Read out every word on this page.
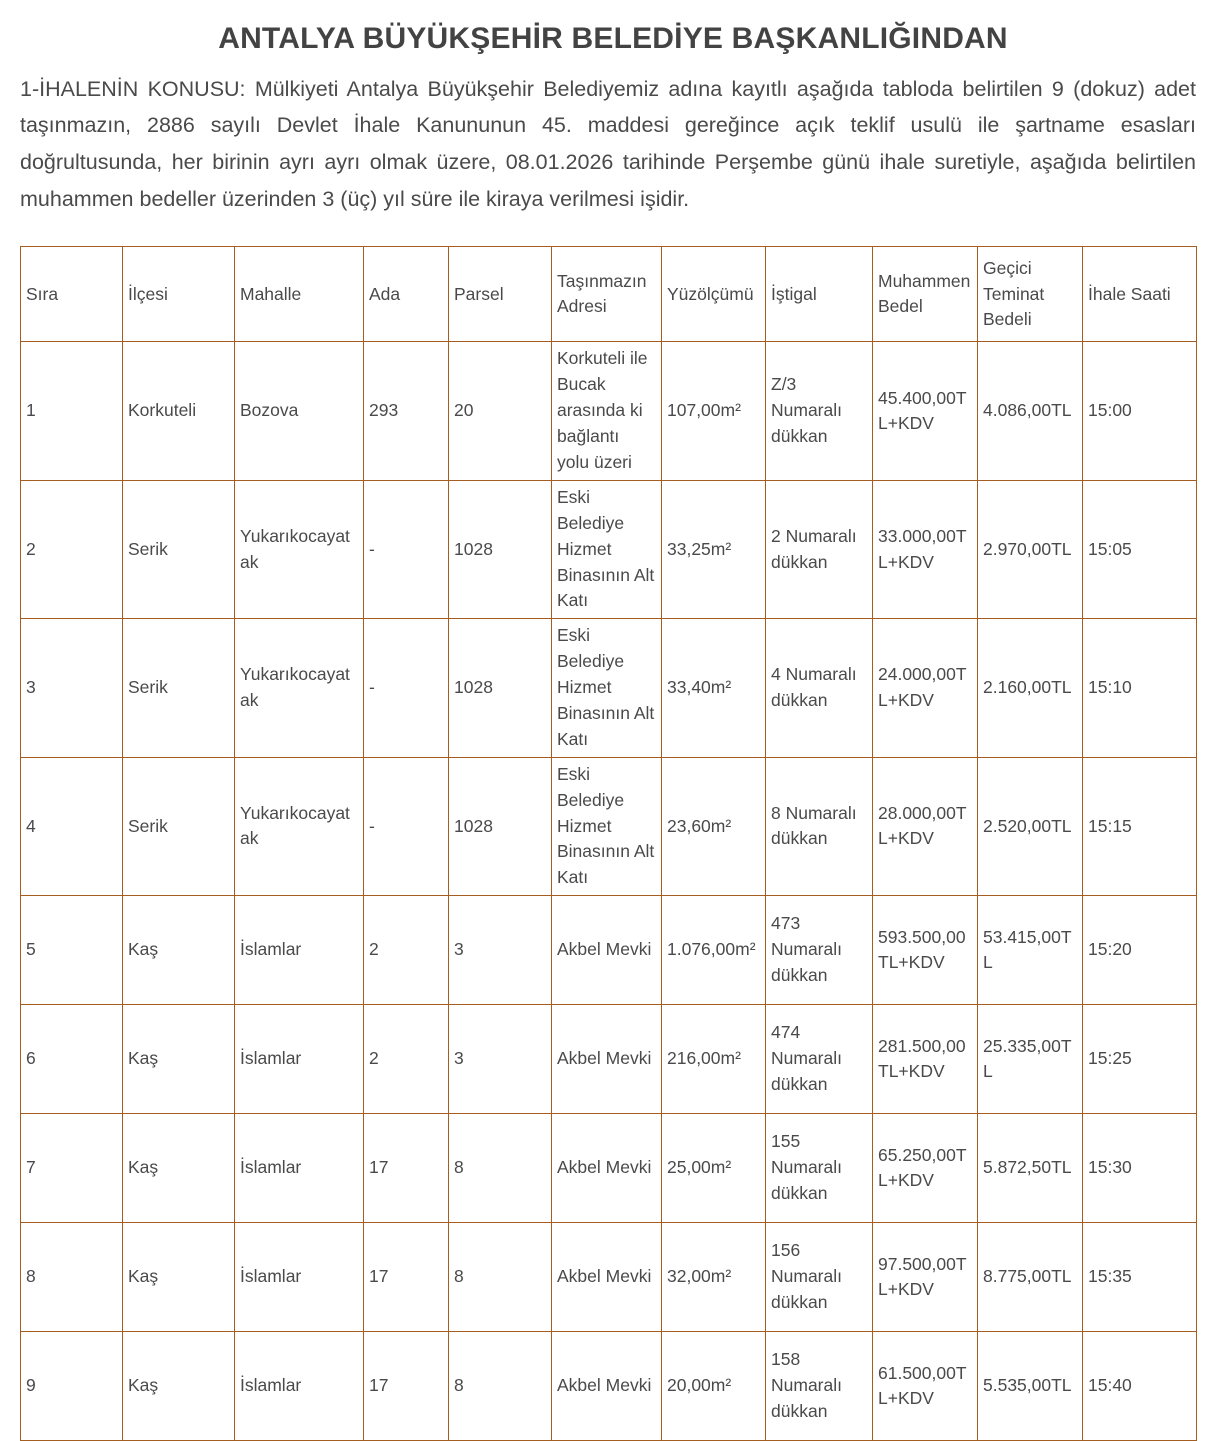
ANTALYA BÜYÜKŞEHİR BELEDİYE BAŞKANLIĞINDAN

1-İHALENİN KONUSU: Mülkiyeti Antalya Büyükşehir Belediyemiz adına kayıtlı aşağıda tabloda belirtilen 9 (dokuz) adet taşınmazın, 2886 sayılı Devlet İhale Kanununun 45. maddesi gereğince açık teklif usulü ile şartname esasları doğrultusunda, her birinin ayrı ayrı olmak üzere, 08.01.2026 tarihinde Perşembe günü ihale suretiyle, aşağıda belirtilen muhammen bedeller üzerinden 3 (üç) yıl süre ile kiraya verilmesi işidir.

Sıra	İlçesi	Mahalle	Ada	Parsel	Taşınmazın Adresi	Yüzölçümü	İştigal	Muhammen Bedel	Geçici Teminat Bedeli	İhale Saati
1	Korkuteli	Bozova	293	20	Korkuteli ile Bucak arasında ki bağlantı yolu üzeri	107,00m²	Z/3 Numaralı dükkan	45.400,00TL+KDV	4.086,00TL	15:00
2	Serik	Yukarıkocayatak	-	1028	Eski Belediye Hizmet Binasının Alt Katı	33,25m²	2 Numaralı dükkan	33.000,00TL+KDV	2.970,00TL	15:05
3	Serik	Yukarıkocayatak	-	1028	Eski Belediye Hizmet Binasının Alt Katı	33,40m²	4 Numaralı dükkan	24.000,00TL+KDV	2.160,00TL	15:10
4	Serik	Yukarıkocayatak	-	1028	Eski Belediye Hizmet Binasının Alt Katı	23,60m²	8 Numaralı dükkan	28.000,00TL+KDV	2.520,00TL	15:15
5	Kaş	İslamlar	2	3	Akbel Mevki	1.076,00m²	473 Numaralı dükkan	593.500,00TL+KDV	53.415,00TL	15:20
6	Kaş	İslamlar	2	3	Akbel Mevki	216,00m²	474 Numaralı dükkan	281.500,00TL+KDV	25.335,00TL	15:25
7	Kaş	İslamlar	17	8	Akbel Mevki	25,00m²	155 Numaralı dükkan	65.250,00TL+KDV	5.872,50TL	15:30
8	Kaş	İslamlar	17	8	Akbel Mevki	32,00m²	156 Numaralı dükkan	97.500,00TL+KDV	8.775,00TL	15:35
9	Kaş	İslamlar	17	8	Akbel Mevki	20,00m²	158 Numaralı dükkan	61.500,00TL+KDV	5.535,00TL	15:40
